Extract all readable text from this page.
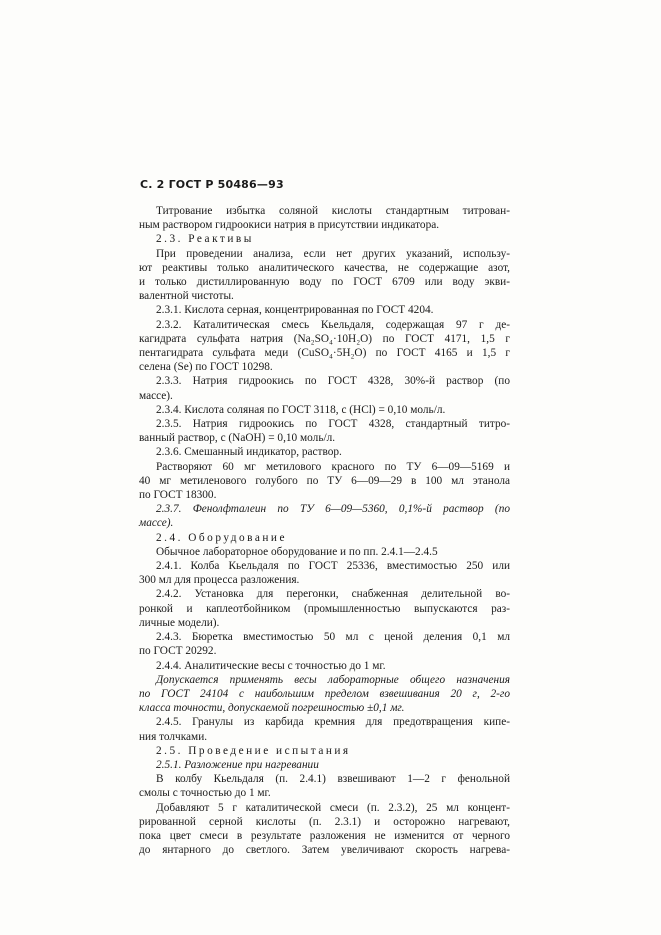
С. 2 ГОСТ Р 50486—93
Титрование избытка соляной кислоты стандартным титрован-
ным раствором гидроокиси натрия в присутствии индикатора.
2.3. Реактивы
При проведении анализа, если нет других указаний, использу-
ют реактивы только аналитического качества, не содержащие азот,
и только дистиллированную воду по ГОСТ 6709 или воду экви-
валентной чистоты.
2.3.1. Кислота серная, концентрированная по ГОСТ 4204.
2.3.2. Каталитическая смесь Кьельдаля, содержащая 97 г де-
кагидрата сульфата натрия (Na₂SO₄·10H₂O) по ГОСТ 4171, 1,5 г
пентагидрата сульфата меди (CuSO₄·5H₂O) по ГОСТ 4165 и 1,5 г
селена (Se) по ГОСТ 10298.
2.3.3. Натрия гидроокись по ГОСТ 4328, 30%-й раствор (по
массе).
2.3.4. Кислота соляная по ГОСТ 3118, c (HCl) = 0,10 моль/л.
2.3.5. Натрия гидроокись по ГОСТ 4328, стандартный титро-
ванный раствор, c (NaOH) = 0,10 моль/л.
2.3.6. Смешанный индикатор, раствор.
Растворяют 60 мг метилового красного по ТУ 6—09—5169 и
40 мг метиленового голубого по ТУ 6—09—29 в 100 мл этанола
по ГОСТ 18300.
2.3.7. Фенолфталеин по ТУ 6—09—5360, 0,1%-й раствор (по
массе).
2.4. Оборудование
Обычное лабораторное оборудование и по пп. 2.4.1—2.4.5
2.4.1. Колба Кьельдаля по ГОСТ 25336, вместимостью 250 или
300 мл для процесса разложения.
2.4.2. Установка для перегонки, снабженная делительной во-
ронкой и каплеотбойником (промышленностью выпускаются раз-
личные модели).
2.4.3. Бюретка вместимостью 50 мл с ценой деления 0,1 мл
по ГОСТ 20292.
2.4.4. Аналитические весы с точностью до 1 мг.
Допускается применять весы лабораторные общего назначения
по ГОСТ 24104 с наибольшим пределом взвешивания 20 г, 2-го
класса точности, допускаемой погрешностью ±0,1 мг.
2.4.5. Гранулы из карбида кремния для предотвращения кипе-
ния толчками.
2.5. Проведение испытания
2.5.1. Разложение при нагревании
В колбу Кьельдаля (п. 2.4.1) взвешивают 1—2 г фенольной
смолы с точностью до 1 мг.
Добавляют 5 г каталитической смеси (п. 2.3.2), 25 мл концент-
рированной серной кислоты (п. 2.3.1) и осторожно нагревают,
пока цвет смеси в результате разложения не изменится от черного
до янтарного до светлого. Затем увеличивают скорость нагрева-
